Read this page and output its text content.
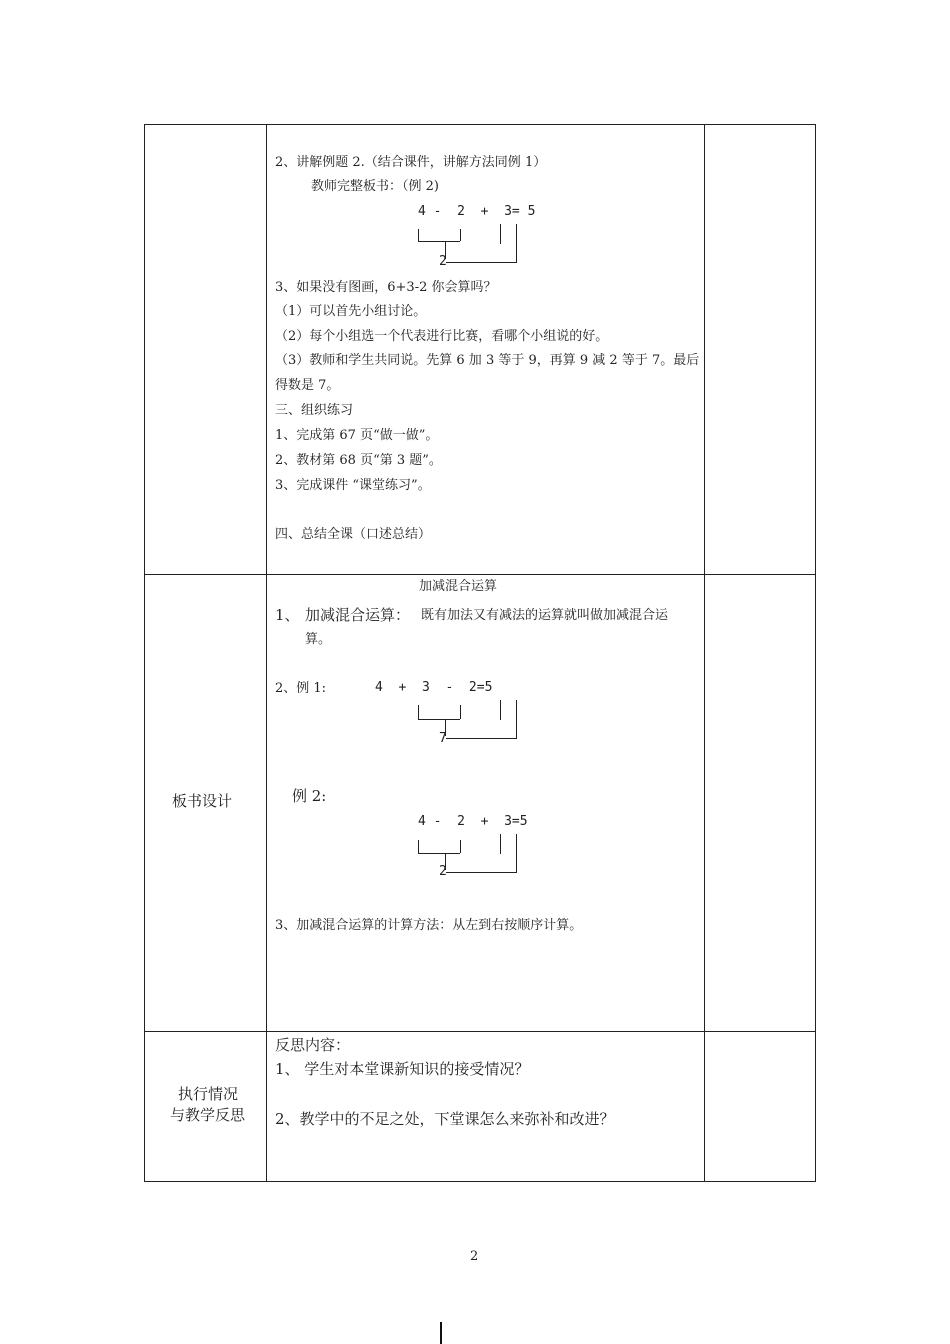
2、讲解例题 2.（结合课件，讲解方法同例 1）
教师完整板书：（例 2)
4 -  2  +  3= 5
2
3、如果没有图画，6+3-2 你会算吗？
（1）可以首先小组讨论。
（2）每个小组选一个代表进行比赛，看哪个小组说的好。
（3）教师和学生共同说。先算 6 加 3 等于 9，再算 9 减 2 等于 7。最后
得数是 7。
三、组织练习
1、完成第 67 页“做一做”。
2、教材第 68 页“第 3 题”。
3、完成课件 “课堂练习”。
四、总结全课（口述总结）
板书设计
加减混合运算
1、 加减混合运算： 既有加法又有减法的运算就叫做加减混合运
算。
2、例 1:	4  +  3  -  2=5
7
例 2:
4 -  2  +  3=5
2
3、加减混合运算的计算方法：从左到右按顺序计算。
执行情况
与教学反思
反思内容：
1、 学生对本堂课新知识的接受情况？
2、教学中的不足之处，下堂课怎么来弥补和改进？
2
